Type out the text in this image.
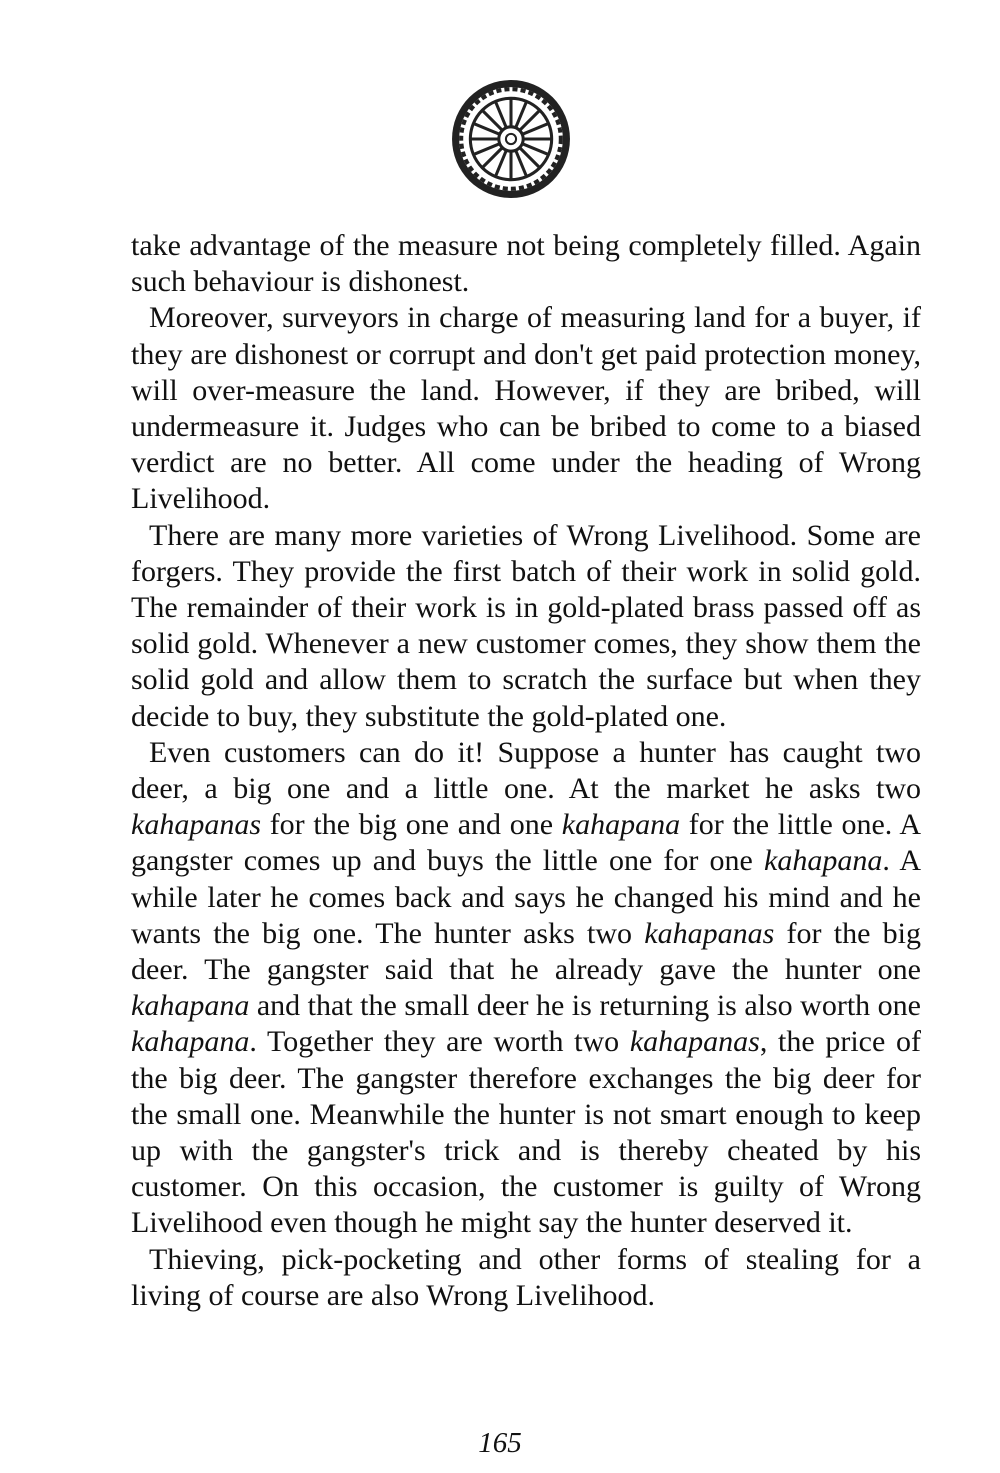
take advantage of the measure not being completely filled. Again such behaviour is dishonest.

Moreover, surveyors in charge of measuring land for a buyer, if they are dishonest or corrupt and don't get paid protection money, will over-measure the land. However, if they are bribed, will undermeasure it. Judges who can be bribed to come to a biased verdict are no better. All come under the heading of Wrong Livelihood.

There are many more varieties of Wrong Livelihood. Some are forgers. They provide the first batch of their work in solid gold. The remainder of their work is in gold-plated brass passed off as solid gold. Whenever a new customer comes, they show them the solid gold and allow them to scratch the surface but when they decide to buy, they substitute the gold-plated one.

Even customers can do it! Suppose a hunter has caught two deer, a big one and a little one. At the market he asks two kahapanas for the big one and one kahapana for the little one. A gangster comes up and buys the little one for one kahapana. A while later he comes back and says he changed his mind and he wants the big one. The hunter asks two kahapanas for the big deer. The gangster said that he already gave the hunter one kahapana and that the small deer he is returning is also worth one kahapana. Together they are worth two kahapanas, the price of the big deer. The gangster therefore exchanges the big deer for the small one. Meanwhile the hunter is not smart enough to keep up with the gangster's trick and is thereby cheated by his customer. On this occasion, the customer is guilty of Wrong Livelihood even though he might say the hunter deserved it.

Thieving, pick-pocketing and other forms of stealing for a living of course are also Wrong Livelihood.

165
